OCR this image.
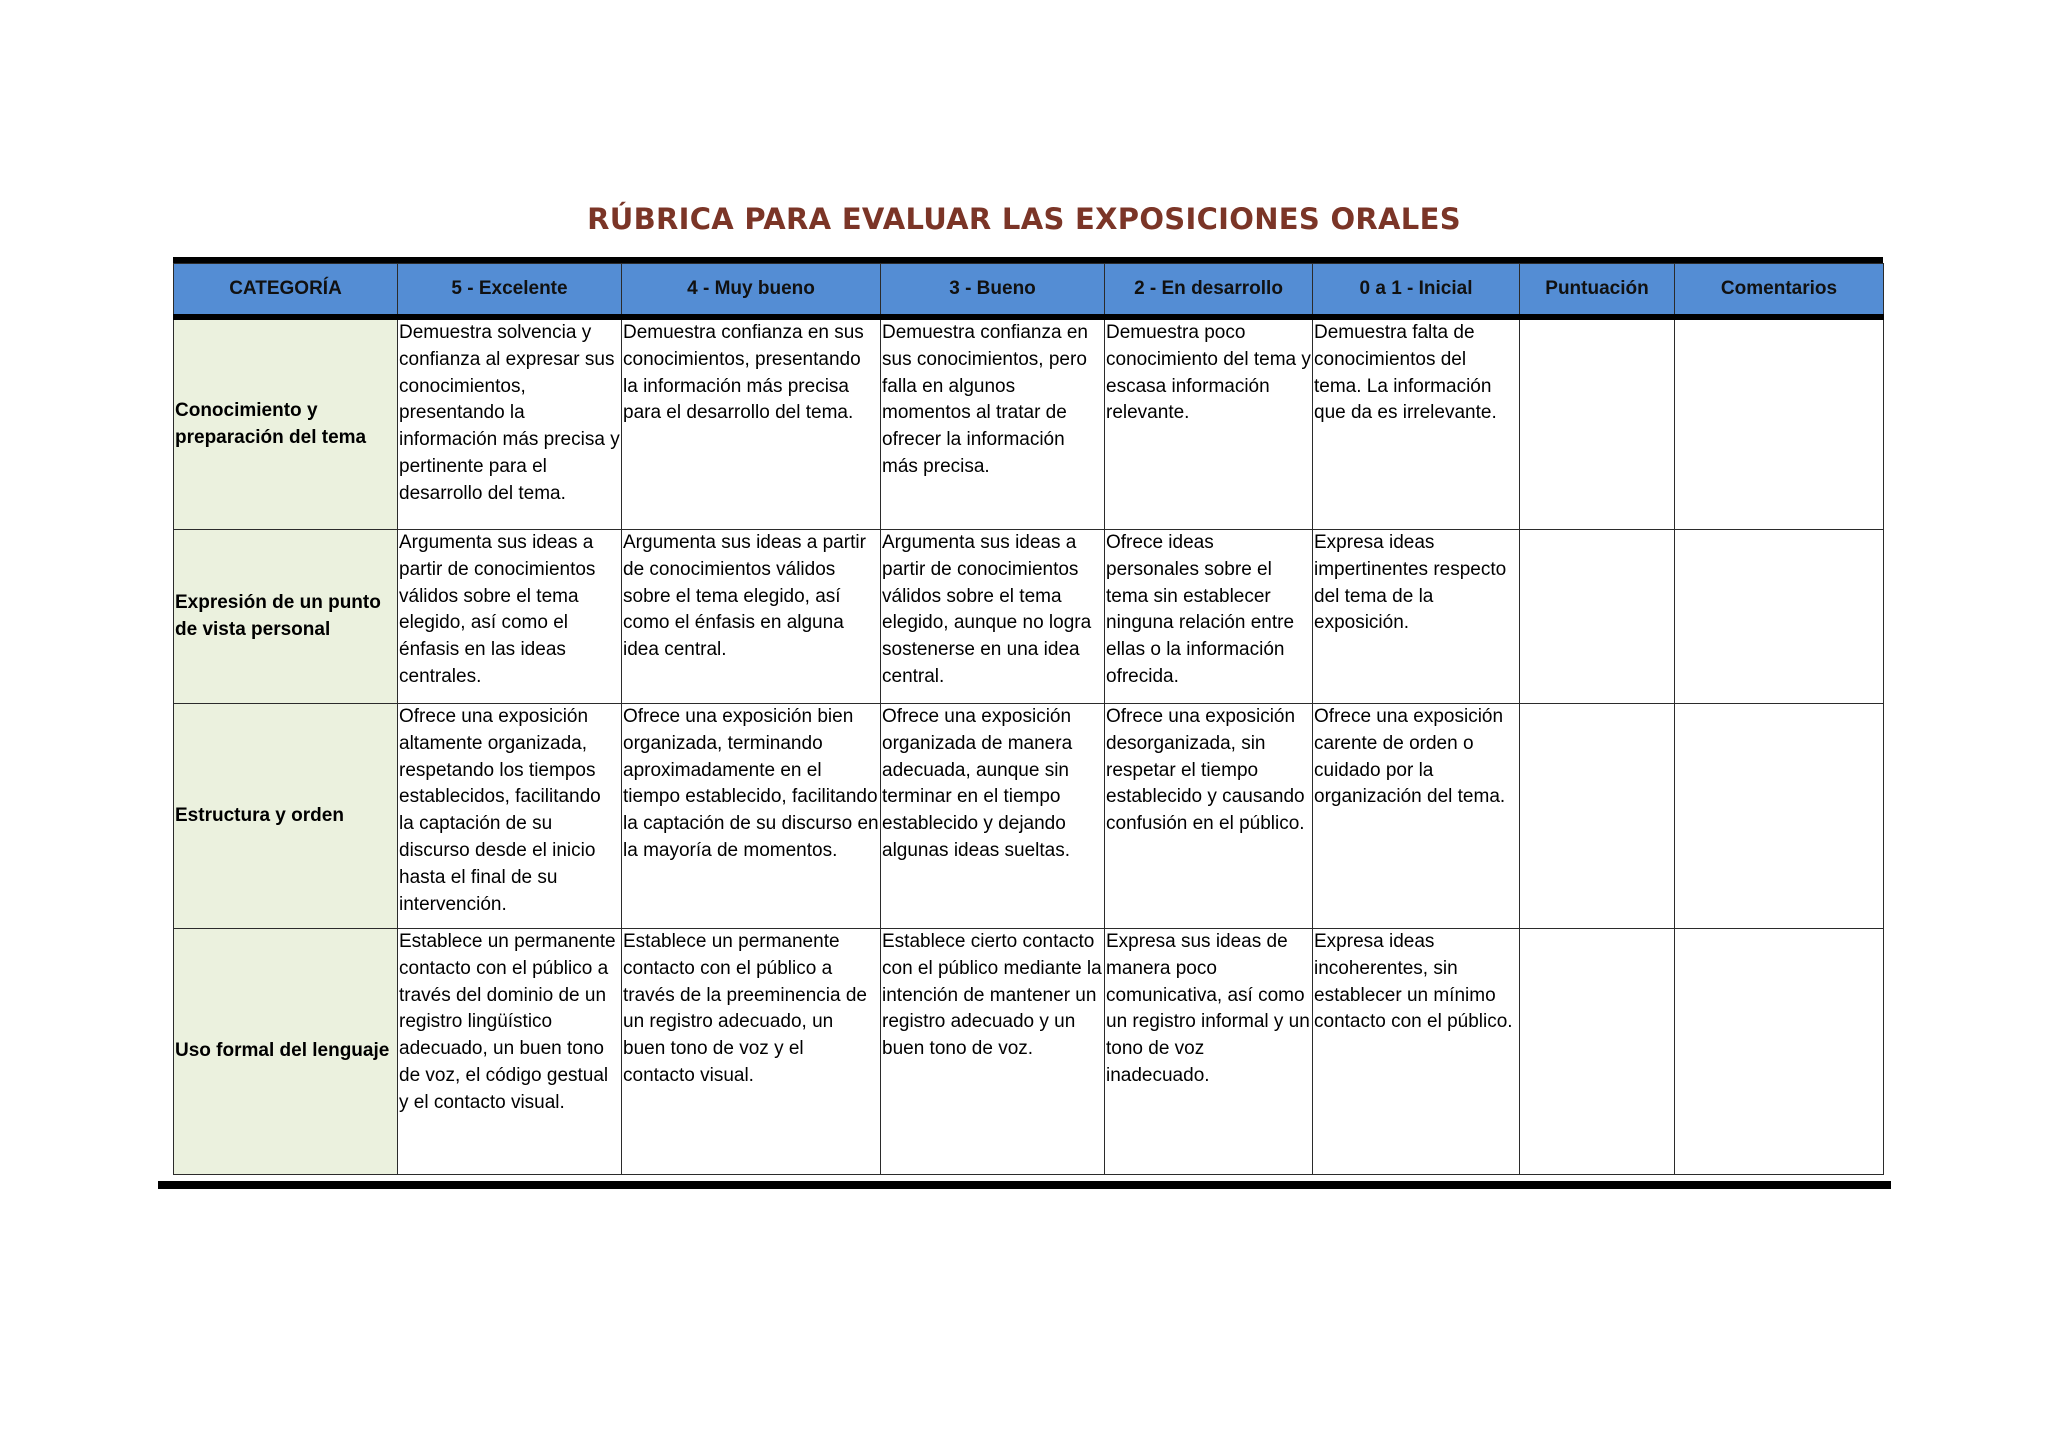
RÚBRICA PARA EVALUAR LAS EXPOSICIONES ORALES
CATEGORÍA	5 - Excelente	4 - Muy bueno	3 - Bueno	2 - En desarrollo	0 a 1 - Inicial	Puntuación	Comentarios
Conocimiento y preparación del tema	Demuestra solvencia y confianza al expresar sus conocimientos, presentando la información más precisa y pertinente para el desarrollo del tema.	Demuestra confianza en sus conocimientos, presentando la información más precisa para el desarrollo del tema.	Demuestra confianza en sus conocimientos, pero falla en algunos momentos al tratar de ofrecer la información más precisa.	Demuestra poco conocimiento del tema y escasa información relevante.	Demuestra falta de conocimientos del tema. La información que da es irrelevante.		
Expresión de un punto de vista personal	Argumenta sus ideas a partir de conocimientos válidos sobre el tema elegido, así como el énfasis en las ideas centrales.	Argumenta sus ideas a partir de conocimientos válidos sobre el tema elegido, así como el énfasis en alguna idea central.	Argumenta sus ideas a partir de conocimientos válidos sobre el tema elegido, aunque no logra sostenerse en una idea central.	Ofrece ideas personales sobre el tema sin establecer ninguna relación entre ellas o la información ofrecida.	Expresa ideas impertinentes respecto del tema de la exposición.		
Estructura y orden	Ofrece una exposición altamente organizada, respetando los tiempos establecidos, facilitando la captación de su discurso desde el inicio hasta el final de su intervención.	Ofrece una exposición bien organizada, terminando aproximadamente en el tiempo establecido, facilitando la captación de su discurso en la mayoría de momentos.	Ofrece una exposición organizada de manera adecuada, aunque sin terminar en el tiempo establecido y dejando algunas ideas sueltas.	Ofrece una exposición desorganizada, sin respetar el tiempo establecido y causando confusión en el público.	Ofrece una exposición carente de orden o cuidado por la organización del tema.		
Uso formal del lenguaje	Establece un permanente contacto con el público a través del dominio de un registro lingüístico adecuado, un buen tono de voz, el código gestual y el contacto visual.	Establece un permanente contacto con el público a través de la preeminencia de un registro adecuado, un buen tono de voz y el contacto visual.	Establece cierto contacto con el público mediante la intención de mantener un registro adecuado y un buen tono de voz.	Expresa sus ideas de manera poco comunicativa, así como un registro informal y un tono de voz inadecuado.	Expresa ideas incoherentes, sin establecer un mínimo contacto con el público.		
